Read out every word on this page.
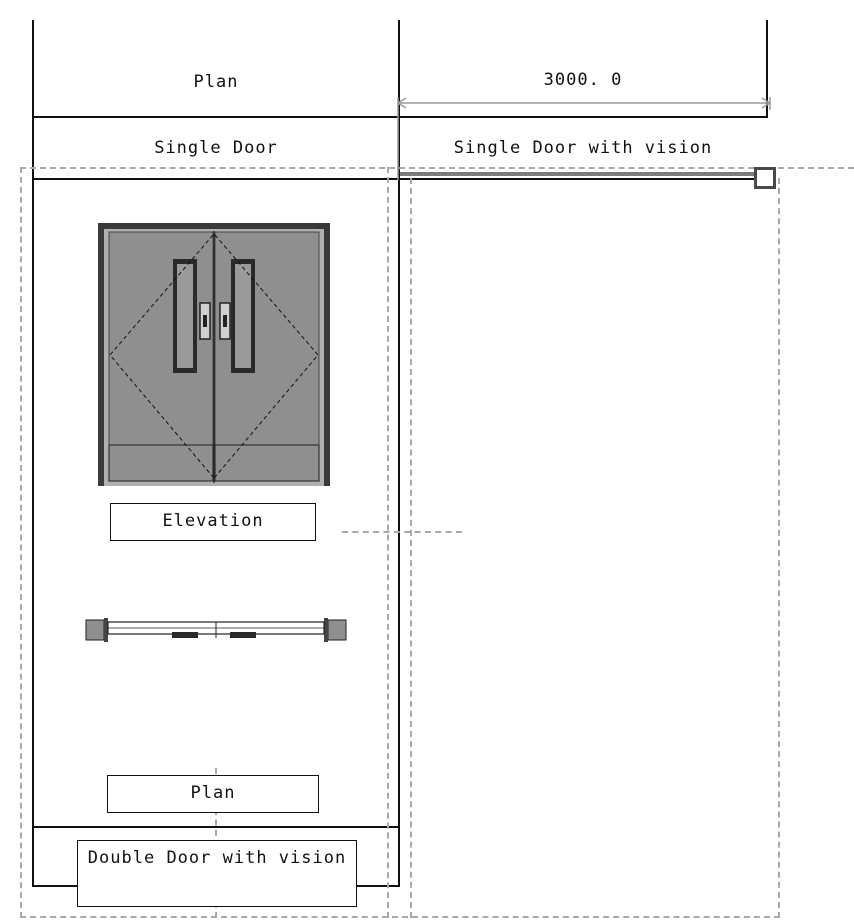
Plan	3000. 0
Single Door	Single Door with vision
Elevation
Plan
Double Door with vision
